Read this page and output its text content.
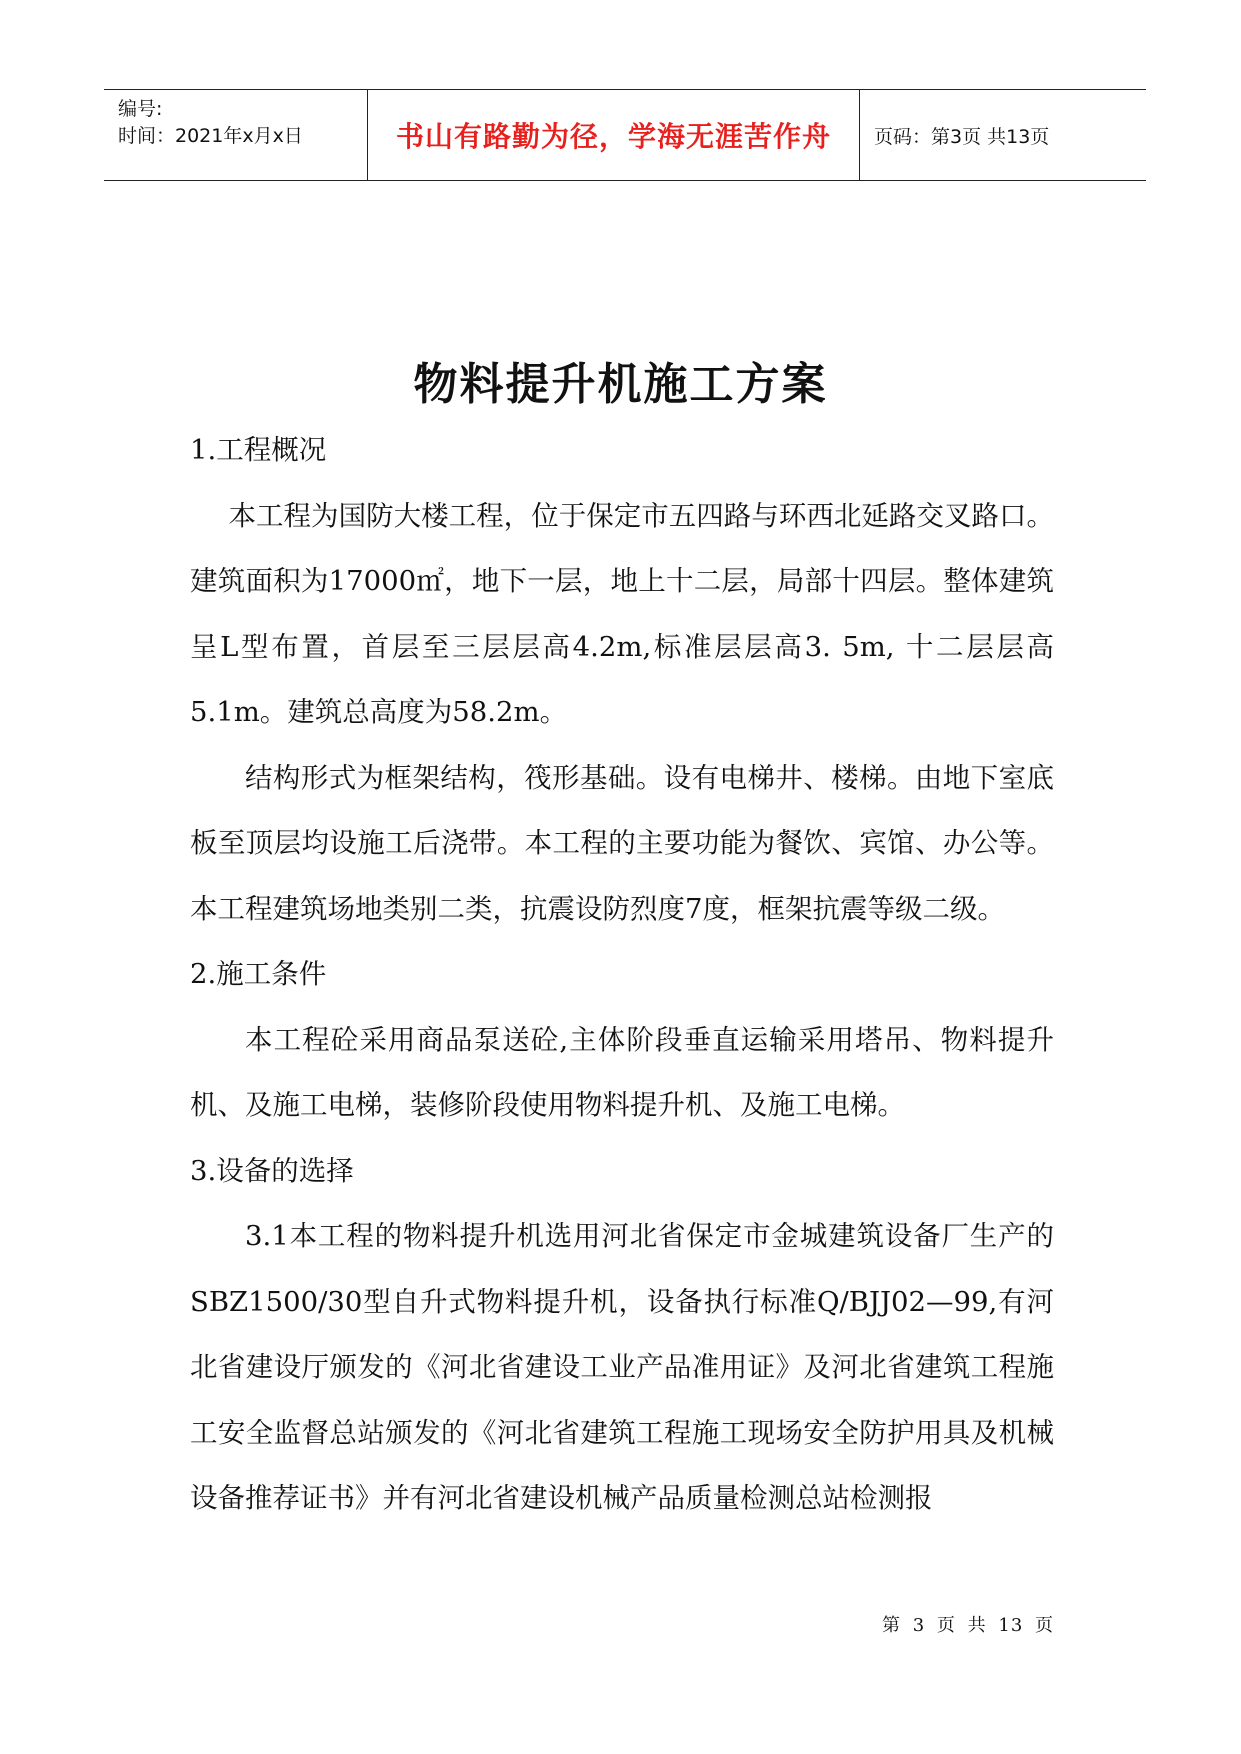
编号:
时间：2021年x月x日	书山有路勤为径，学海无涯苦作舟 页码：第3页 共13页
物料提升机施工方案

1.工程概况

本工程为国防大楼工程，位于保定市五四路与环西北延路交叉路口。建筑面积为17000㎡，地下一层，地上十二层，局部十四层。整体建筑呈L型布置，首层至三层层高4.2m,标准层层高3. 5m, 十二层层高5.1m。建筑总高度为58.2m。

结构形式为框架结构，筏形基础。设有电梯井、楼梯。由地下室底板至顶层均设施工后浇带。本工程的主要功能为餐饮、宾馆、办公等。本工程建筑场地类别二类，抗震设防烈度7度，框架抗震等级二级。

2.施工条件

本工程砼采用商品泵送砼,主体阶段垂直运输采用塔吊、物料提升机、及施工电梯，装修阶段使用物料提升机、及施工电梯。

3.设备的选择

3.1本工程的物料提升机选用河北省保定市金城建筑设备厂生产的SBZ1500/30型自升式物料提升机，设备执行标准Q/BJJ02—99,有河北省建设厅颁发的《河北省建设工业产品准用证》及河北省建筑工程施工安全监督总站颁发的《河北省建筑工程施工现场安全防护用具及机械设备推荐证书》并有河北省建设机械产品质量检测总站检测报

第 3 页 共 13 页
